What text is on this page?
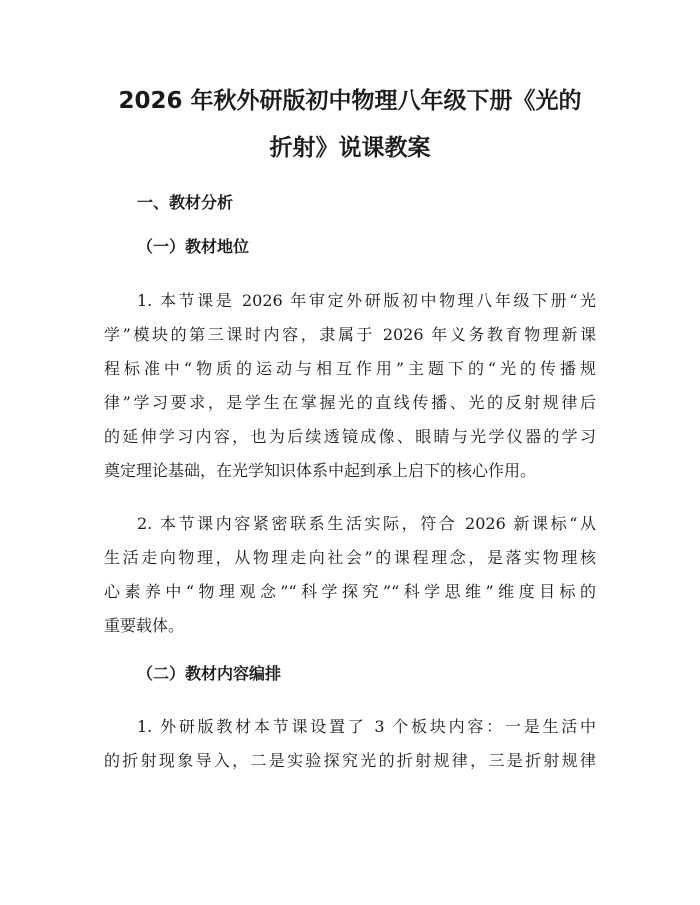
2026 年秋外研版初中物理八年级下册《光的
折射》说课教案
一、教材分析
（一）教材地位
1. 本节课是 2026 年审定外研版初中物理八年级下册“光
学”模块的第三课时内容，隶属于 2026 年义务教育物理新课
程标准中“物质的运动与相互作用”主题下的“光的传播规
律”学习要求，是学生在掌握光的直线传播、光的反射规律后
的延伸学习内容，也为后续透镜成像、眼睛与光学仪器的学习
奠定理论基础，在光学知识体系中起到承上启下的核心作用。
2. 本节课内容紧密联系生活实际，符合 2026 新课标“从
生活走向物理，从物理走向社会”的课程理念，是落实物理核
心素养中“物理观念”“科学探究”“科学思维”维度目标的
重要载体。
（二）教材内容编排
1. 外研版教材本节课设置了 3 个板块内容：一是生活中
的折射现象导入，二是实验探究光的折射规律，三是折射规律
